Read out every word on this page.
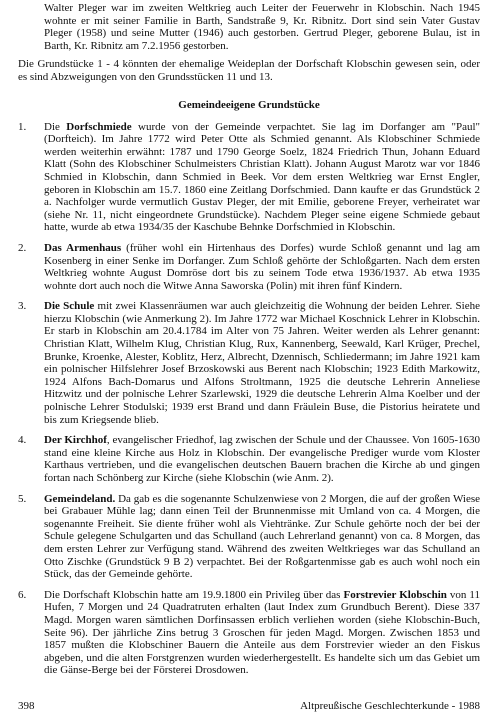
Walter Pleger war im zweiten Weltkrieg auch Leiter der Feuerwehr in Klobschin. Nach 1945 wohnte er mit seiner Familie in Barth, Sandstraße 9, Kr. Ribnitz. Dort sind sein Vater Gustav Pleger (1958) und seine Mutter (1946) auch gestorben. Gertrud Pleger, geborene Bulau, ist in Barth, Kr. Ribnitz am 7.2.1956 gestorben.

Die Grundstücke 1 - 4 könnten der ehemalige Weideplan der Dorfschaft Klobschin gewesen sein, oder es sind Abzweigungen von den Grundsstücken 11 und 13.

Gemeindeeigene Grundstücke
1. Die Dorfschmiede wurde von der Gemeinde verpachtet. Sie lag im Dorfanger am "Paul" (Dorfteich). Im Jahre 1772 wird Peter Otte als Schmied genannt. Als Klobschiner Schmiede werden weiterhin erwähnt: 1787 und 1790 George Soelz, 1824 Friedrich Thun, Johann Eduard Klatt (Sohn des Klobschiner Schulmeisters Christian Klatt). Johann August Marotz war vor 1846 Schmied in Klobschin, dann Schmied in Beek. Vor dem ersten Weltkrieg war Ernst Engler, geboren in Klobschin am 15.7. 1860 eine Zeitlang Dorfschmied. Dann kaufte er das Grundstück 2 a. Nachfolger wurde vermutlich Gustav Pleger, der mit Emilie, geborene Freyer, verheiratet war (siehe Nr. 11, nicht eingeordnete Grundstücke). Nachdem Pleger seine eigene Schmiede gebaut hatte, wurde ab etwa 1934/35 der Kaschube Behnke Dorfschmied in Klobschin.
2. Das Armenhaus (früher wohl ein Hirtenhaus des Dorfes) wurde Schloß genannt und lag am Kosenberg in einer Senke im Dorfanger. Zum Schloß gehörte der Schloßgarten. Nach dem ersten Weltkrieg wohnte August Domröse dort bis zu seinem Tode etwa 1936/1937. Ab etwa 1935 wohnte dort auch noch die Witwe Anna Saworska (Polin) mit ihren fünf Kindern.
3. Die Schule mit zwei Klassenräumen war auch gleichzeitig die Wohnung der beiden Lehrer. Siehe hierzu Klobschin (wie Anmerkung 2). Im Jahre 1772 war Michael Koschnick Lehrer in Klobschin. Er starb in Klobschin am 20.4.1784 im Alter von 75 Jahren. Weiter werden als Lehrer genannt: Christian Klatt, Wilhelm Klug, Christian Klug, Rux, Kannenberg, Seewald, Karl Krüger, Prechel, Brunke, Kroenke, Alester, Koblitz, Herz, Albrecht, Dzennisch, Schliedermann; im Jahre 1921 kam ein polnischer Hilfslehrer Josef Brzoskowski aus Berent nach Klobschin; 1923 Edith Markowitz, 1924 Alfons Bach-Domarus und Alfons Stroltmann, 1925 die deutsche Lehrerin Anneliese Hitzwitz und der polnische Lehrer Szarlewski, 1929 die deutsche Lehrerin Alma Koelber und der polnische Lehrer Stodulski; 1939 erst Brand und dann Fräulein Buse, die Pistorius heiratete und bis zum Kriegsende blieb.
4. Der Kirchhof, evangelischer Friedhof, lag zwischen der Schule und der Chaussee. Von 1605-1630 stand eine kleine Kirche aus Holz in Klobschin. Der evangelische Prediger wurde vom Kloster Karthaus vertrieben, und die evangelischen deutschen Bauern brachen die Kirche ab und gingen fortan nach Schönberg zur Kirche (siehe Klobschin (wie Anm. 2).
5. Gemeindeland. Da gab es die sogenannte Schulzenwiese von 2 Morgen, die auf der großen Wiese bei Grabauer Mühle lag; dann einen Teil der Brunnenmisse mit Umland von ca. 4 Morgen, die sogenannte Freiheit. Sie diente früher wohl als Viehtränke. Zur Schule gehörte noch der bei der Schule gelegene Schulgarten und das Schulland (auch Lehrerland genannt) von ca. 8 Morgen, das dem ersten Lehrer zur Verfügung stand. Während des zweiten Weltkrieges war das Schulland an Otto Zischke (Grundstück 9 B 2) verpachtet. Bei der Roßgartenmisse gab es auch wohl noch ein Stück, das der Gemeinde gehörte.
6. Die Dorfschaft Klobschin hatte am 19.9.1800 ein Privileg über das Forstrevier Klobschin von 11 Hufen, 7 Morgen und 24 Quadratruten erhalten (laut Index zum Grundbuch Berent). Diese 337 Magd. Morgen waren sämtlichen Dorfinsassen erblich verliehen worden (siehe Klobschin-Buch, Seite 96). Der jährliche Zins betrug 3 Groschen für jeden Magd. Morgen. Zwischen 1853 und 1857 mußten die Klobschiner Bauern die Anteile aus dem Forstrevier wieder an den Fiskus abgeben, und die alten Forstgrenzen wurden wiederhergestellt. Es handelte sich um das Gebiet um die Gänse-Berge bei der Försterei Drosdowen.
398	Altpreußische Geschlechterkunde - 1988
